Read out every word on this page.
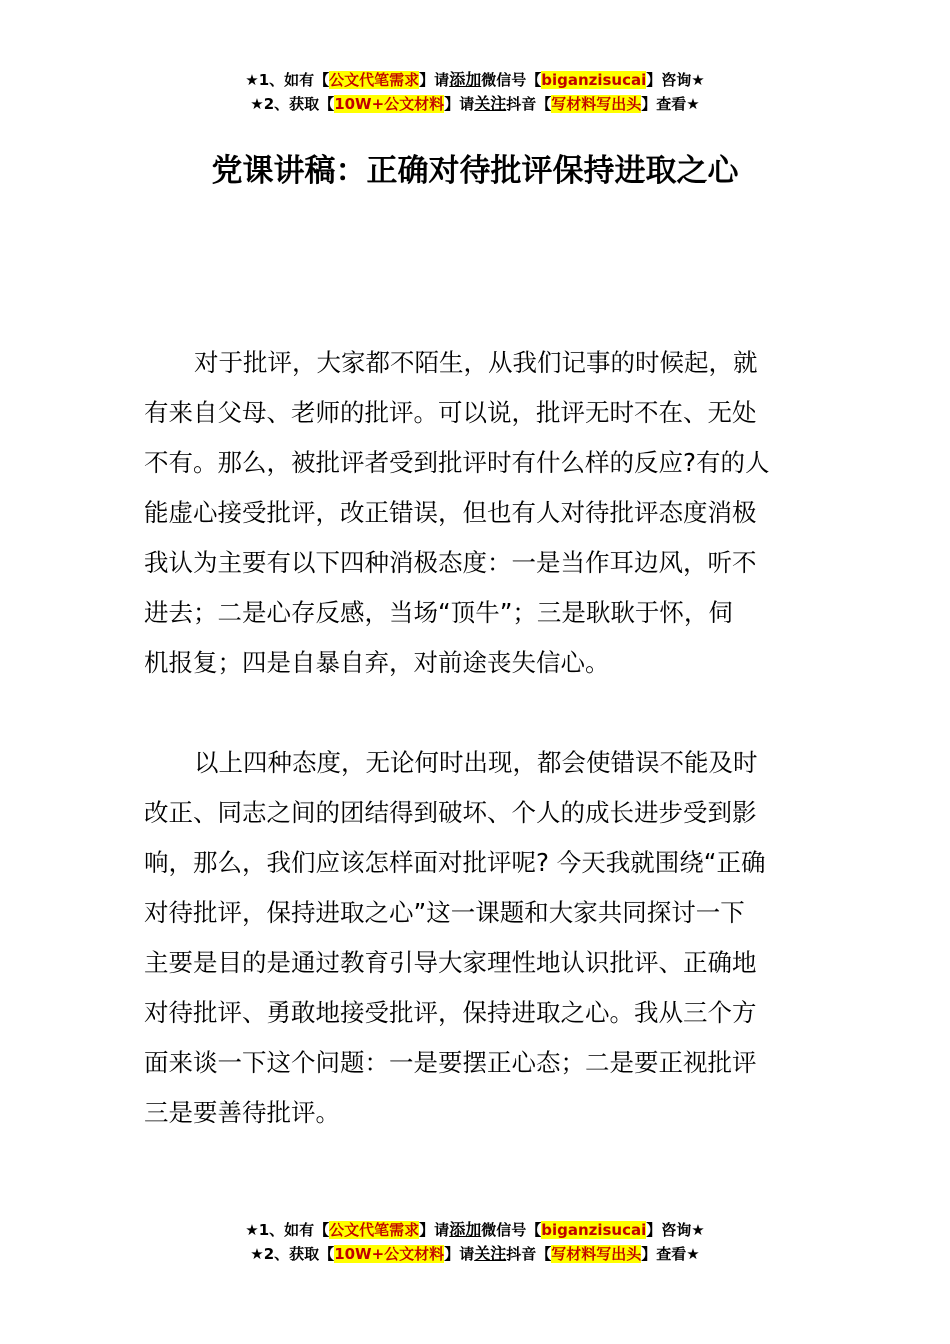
★1、如有【公文代笔需求】请添加微信号【biganzisucai】咨询★
★2、获取【10W+公文材料】请关注抖音【写材料写出头】查看★
党课讲稿：正确对待批评保持进取之心
对于批评，大家都不陌生，从我们记事的时候起，就
有来自父母、老师的批评。可以说，批评无时不在、无处
不有。那么，被批评者受到批评时有什么样的反应?有的人
能虚心接受批评，改正错误，但也有人对待批评态度消极
我认为主要有以下四种消极态度：一是当作耳边风，听不
进去；二是心存反感，当场“顶牛”；三是耿耿于怀，伺
机报复；四是自暴自弃，对前途丧失信心。
以上四种态度，无论何时出现，都会使错误不能及时
改正、同志之间的团结得到破坏、个人的成长进步受到影
响，那么，我们应该怎样面对批评呢? 今天我就围绕“正确
对待批评，保持进取之心”这一课题和大家共同探讨一下
主要是目的是通过教育引导大家理性地认识批评、正确地
对待批评、勇敢地接受批评，保持进取之心。我从三个方
面来谈一下这个问题：一是要摆正心态；二是要正视批评
三是要善待批评。
★1、如有【公文代笔需求】请添加微信号【biganzisucai】咨询★
★2、获取【10W+公文材料】请关注抖音【写材料写出头】查看★
